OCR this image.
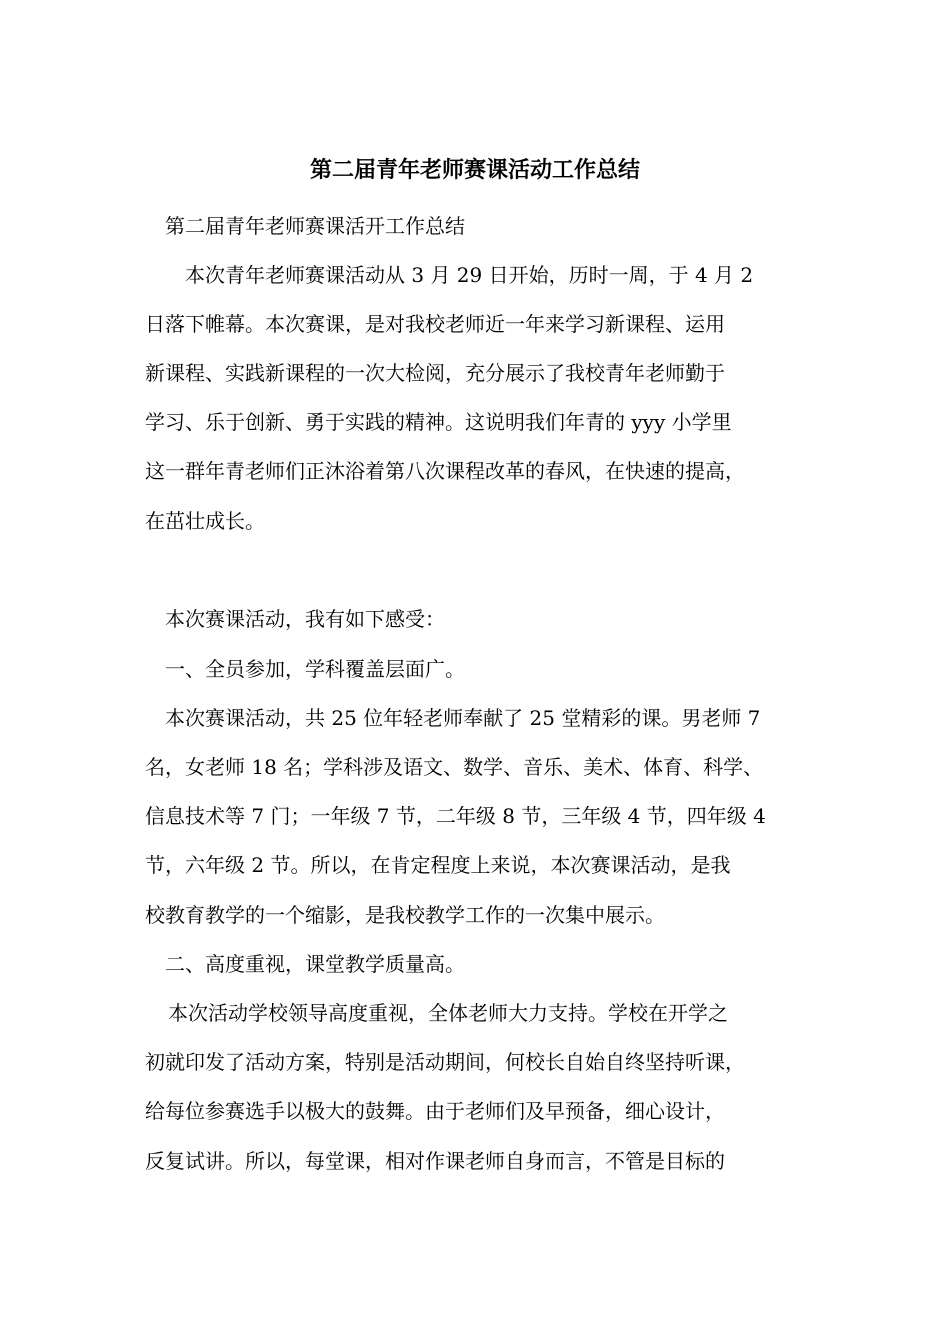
第二届青年老师赛课活动工作总结
第二届青年老师赛课活开工作总结
本次青年老师赛课活动从 3 月 29 日开始，历时一周，于 4 月 2
日落下帷幕。本次赛课，是对我校老师近一年来学习新课程、运用
新课程、实践新课程的一次大检阅，充分展示了我校青年老师勤于
学习、乐于创新、勇于实践的精神。这说明我们年青的 yyy 小学里
这一群年青老师们正沐浴着第八次课程改革的春风，在快速的提高，
在茁壮成长。
本次赛课活动，我有如下感受：
一、全员参加，学科覆盖层面广。
本次赛课活动，共 25 位年轻老师奉献了 25 堂精彩的课。男老师 7
名，女老师 18 名；学科涉及语文、数学、音乐、美术、体育、科学、
信息技术等 7 门；一年级 7 节，二年级 8 节，三年级 4 节，四年级 4
节，六年级 2 节。所以，在肯定程度上来说，本次赛课活动，是我
校教育教学的一个缩影，是我校教学工作的一次集中展示。
二、高度重视，课堂教学质量高。
本次活动学校领导高度重视，全体老师大力支持。学校在开学之
初就印发了活动方案，特别是活动期间，何校长自始自终坚持听课，
给每位参赛选手以极大的鼓舞。由于老师们及早预备，细心设计，
反复试讲。所以，每堂课，相对作课老师自身而言，不管是目标的
